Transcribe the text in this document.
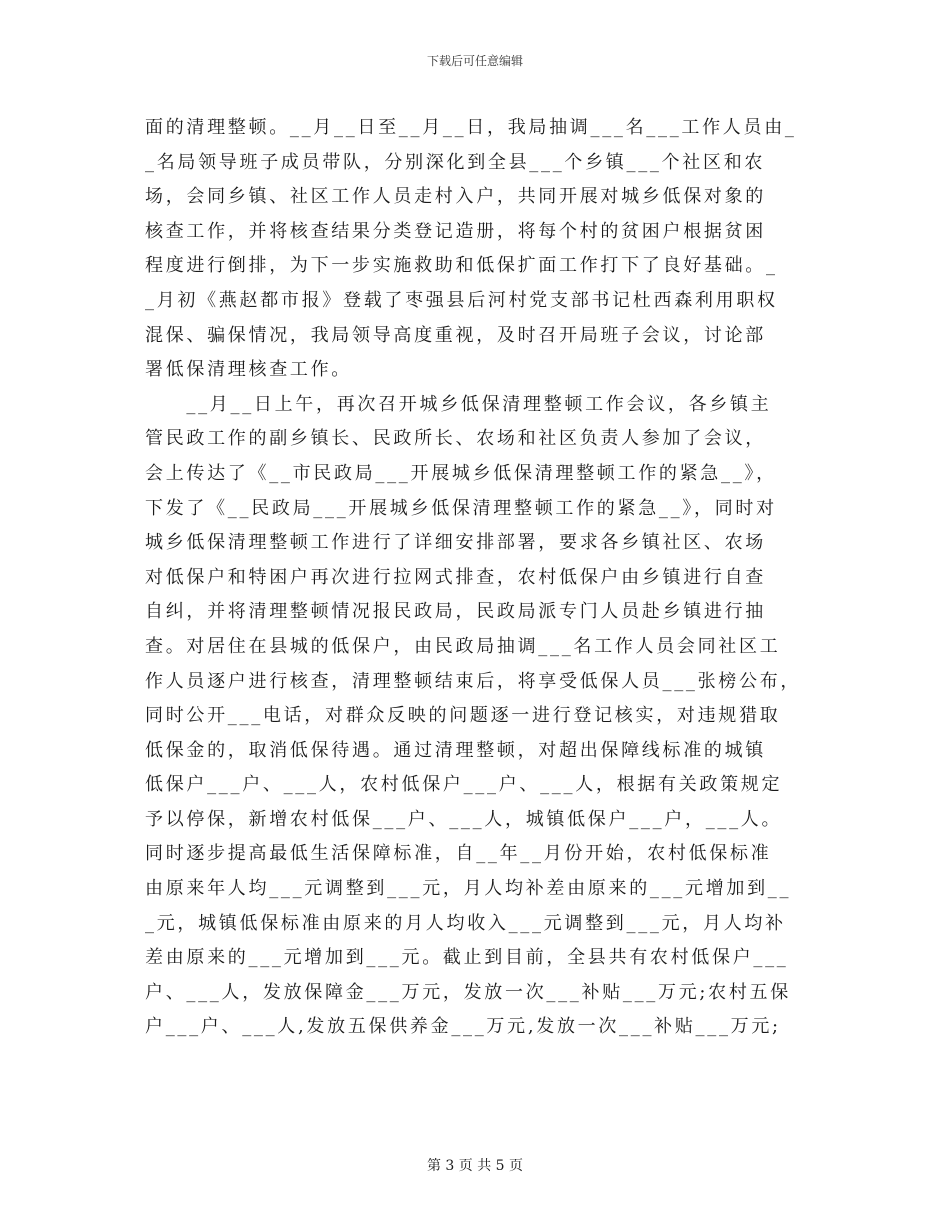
下载后可任意编辑
面的清理整顿。__月__日至__月__日，我局抽调___名___工作人员由_
_名局领导班子成员带队，分别深化到全县___个乡镇___个社区和农
场，会同乡镇、社区工作人员走村入户，共同开展对城乡低保对象的
核查工作，并将核查结果分类登记造册，将每个村的贫困户根据贫困
程度进行倒排，为下一步实施救助和低保扩面工作打下了良好基础。_
_月初《燕赵都市报》登载了枣强县后河村党支部书记杜西森利用职权
混保、骗保情况，我局领导高度重视，及时召开局班子会议，讨论部
署低保清理核查工作。
　　__月__日上午，再次召开城乡低保清理整顿工作会议，各乡镇主
管民政工作的副乡镇长、民政所长、农场和社区负责人参加了会议，
会上传达了《__市民政局___开展城乡低保清理整顿工作的紧急__》，
下发了《__民政局___开展城乡低保清理整顿工作的紧急__》，同时对
城乡低保清理整顿工作进行了详细安排部署，要求各乡镇社区、农场
对低保户和特困户再次进行拉网式排查，农村低保户由乡镇进行自查
自纠，并将清理整顿情况报民政局，民政局派专门人员赴乡镇进行抽
查。对居住在县城的低保户，由民政局抽调___名工作人员会同社区工
作人员逐户进行核查，清理整顿结束后，将享受低保人员___张榜公布，
同时公开___电话，对群众反映的问题逐一进行登记核实，对违规猎取
低保金的，取消低保待遇。通过清理整顿，对超出保障线标准的城镇
低保户___户、___人，农村低保户___户、___人，根据有关政策规定
予以停保，新增农村低保___户、___人，城镇低保户___户，___人。
同时逐步提高最低生活保障标准，自__年__月份开始，农村低保标准
由原来年人均___元调整到___元，月人均补差由原来的___元增加到__
_元，城镇低保标准由原来的月人均收入___元调整到___元，月人均补
差由原来的___元增加到___元。截止到目前，全县共有农村低保户___
户、___人，发放保障金___万元，发放一次___补贴___万元;农村五保
户___户、___人,发放五保供养金___万元,发放一次___补贴___万元;
第 3 页 共 5 页
